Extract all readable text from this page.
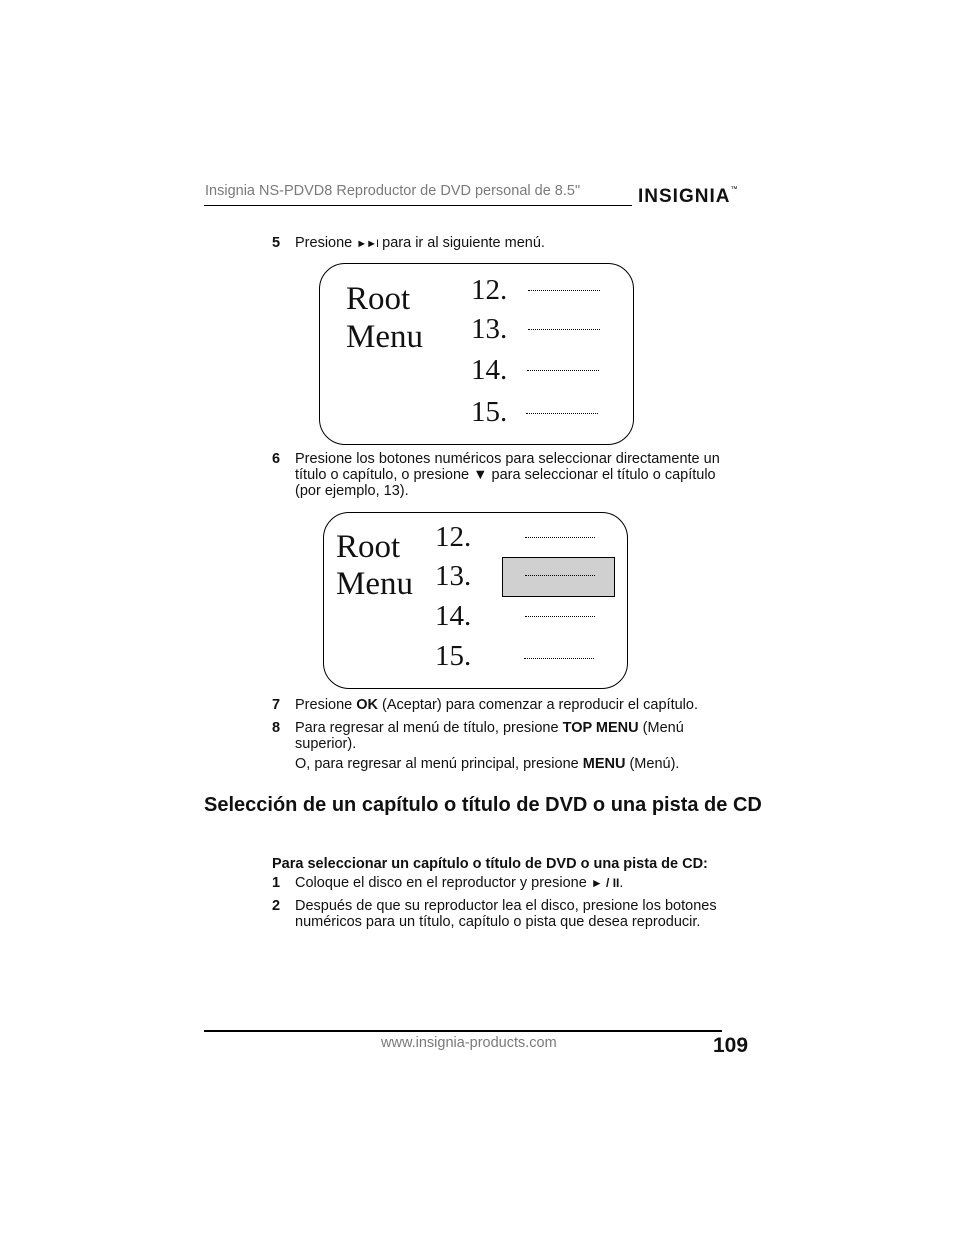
Insignia NS-PDVD8 Reproductor de DVD personal de 8.5"	INSIGNIA™
5 Presione ►►I para ir al siguiente menú.
Root
Menu
12.
13.
14.
15.
6 Presione los botones numéricos para seleccionar directamente un
título o capítulo, o presione ▼ para seleccionar el título o capítulo
(por ejemplo, 13).
Root
Menu
12.
13.
14.
15.
7 Presione OK (Aceptar) para comenzar a reproducir el capítulo.
8 Para regresar al menú de título, presione TOP MENU (Menú
superior).
O, para regresar al menú principal, presione MENU (Menú).
Selección de un capítulo o título de DVD o una pista de CD
Para seleccionar un capítulo o título de DVD o una pista de CD:
1 Coloque el disco en el reproductor y presione ► / II.
2 Después de que su reproductor lea el disco, presione los botones
numéricos para un título, capítulo o pista que desea reproducir.
www.insignia-products.com	109
